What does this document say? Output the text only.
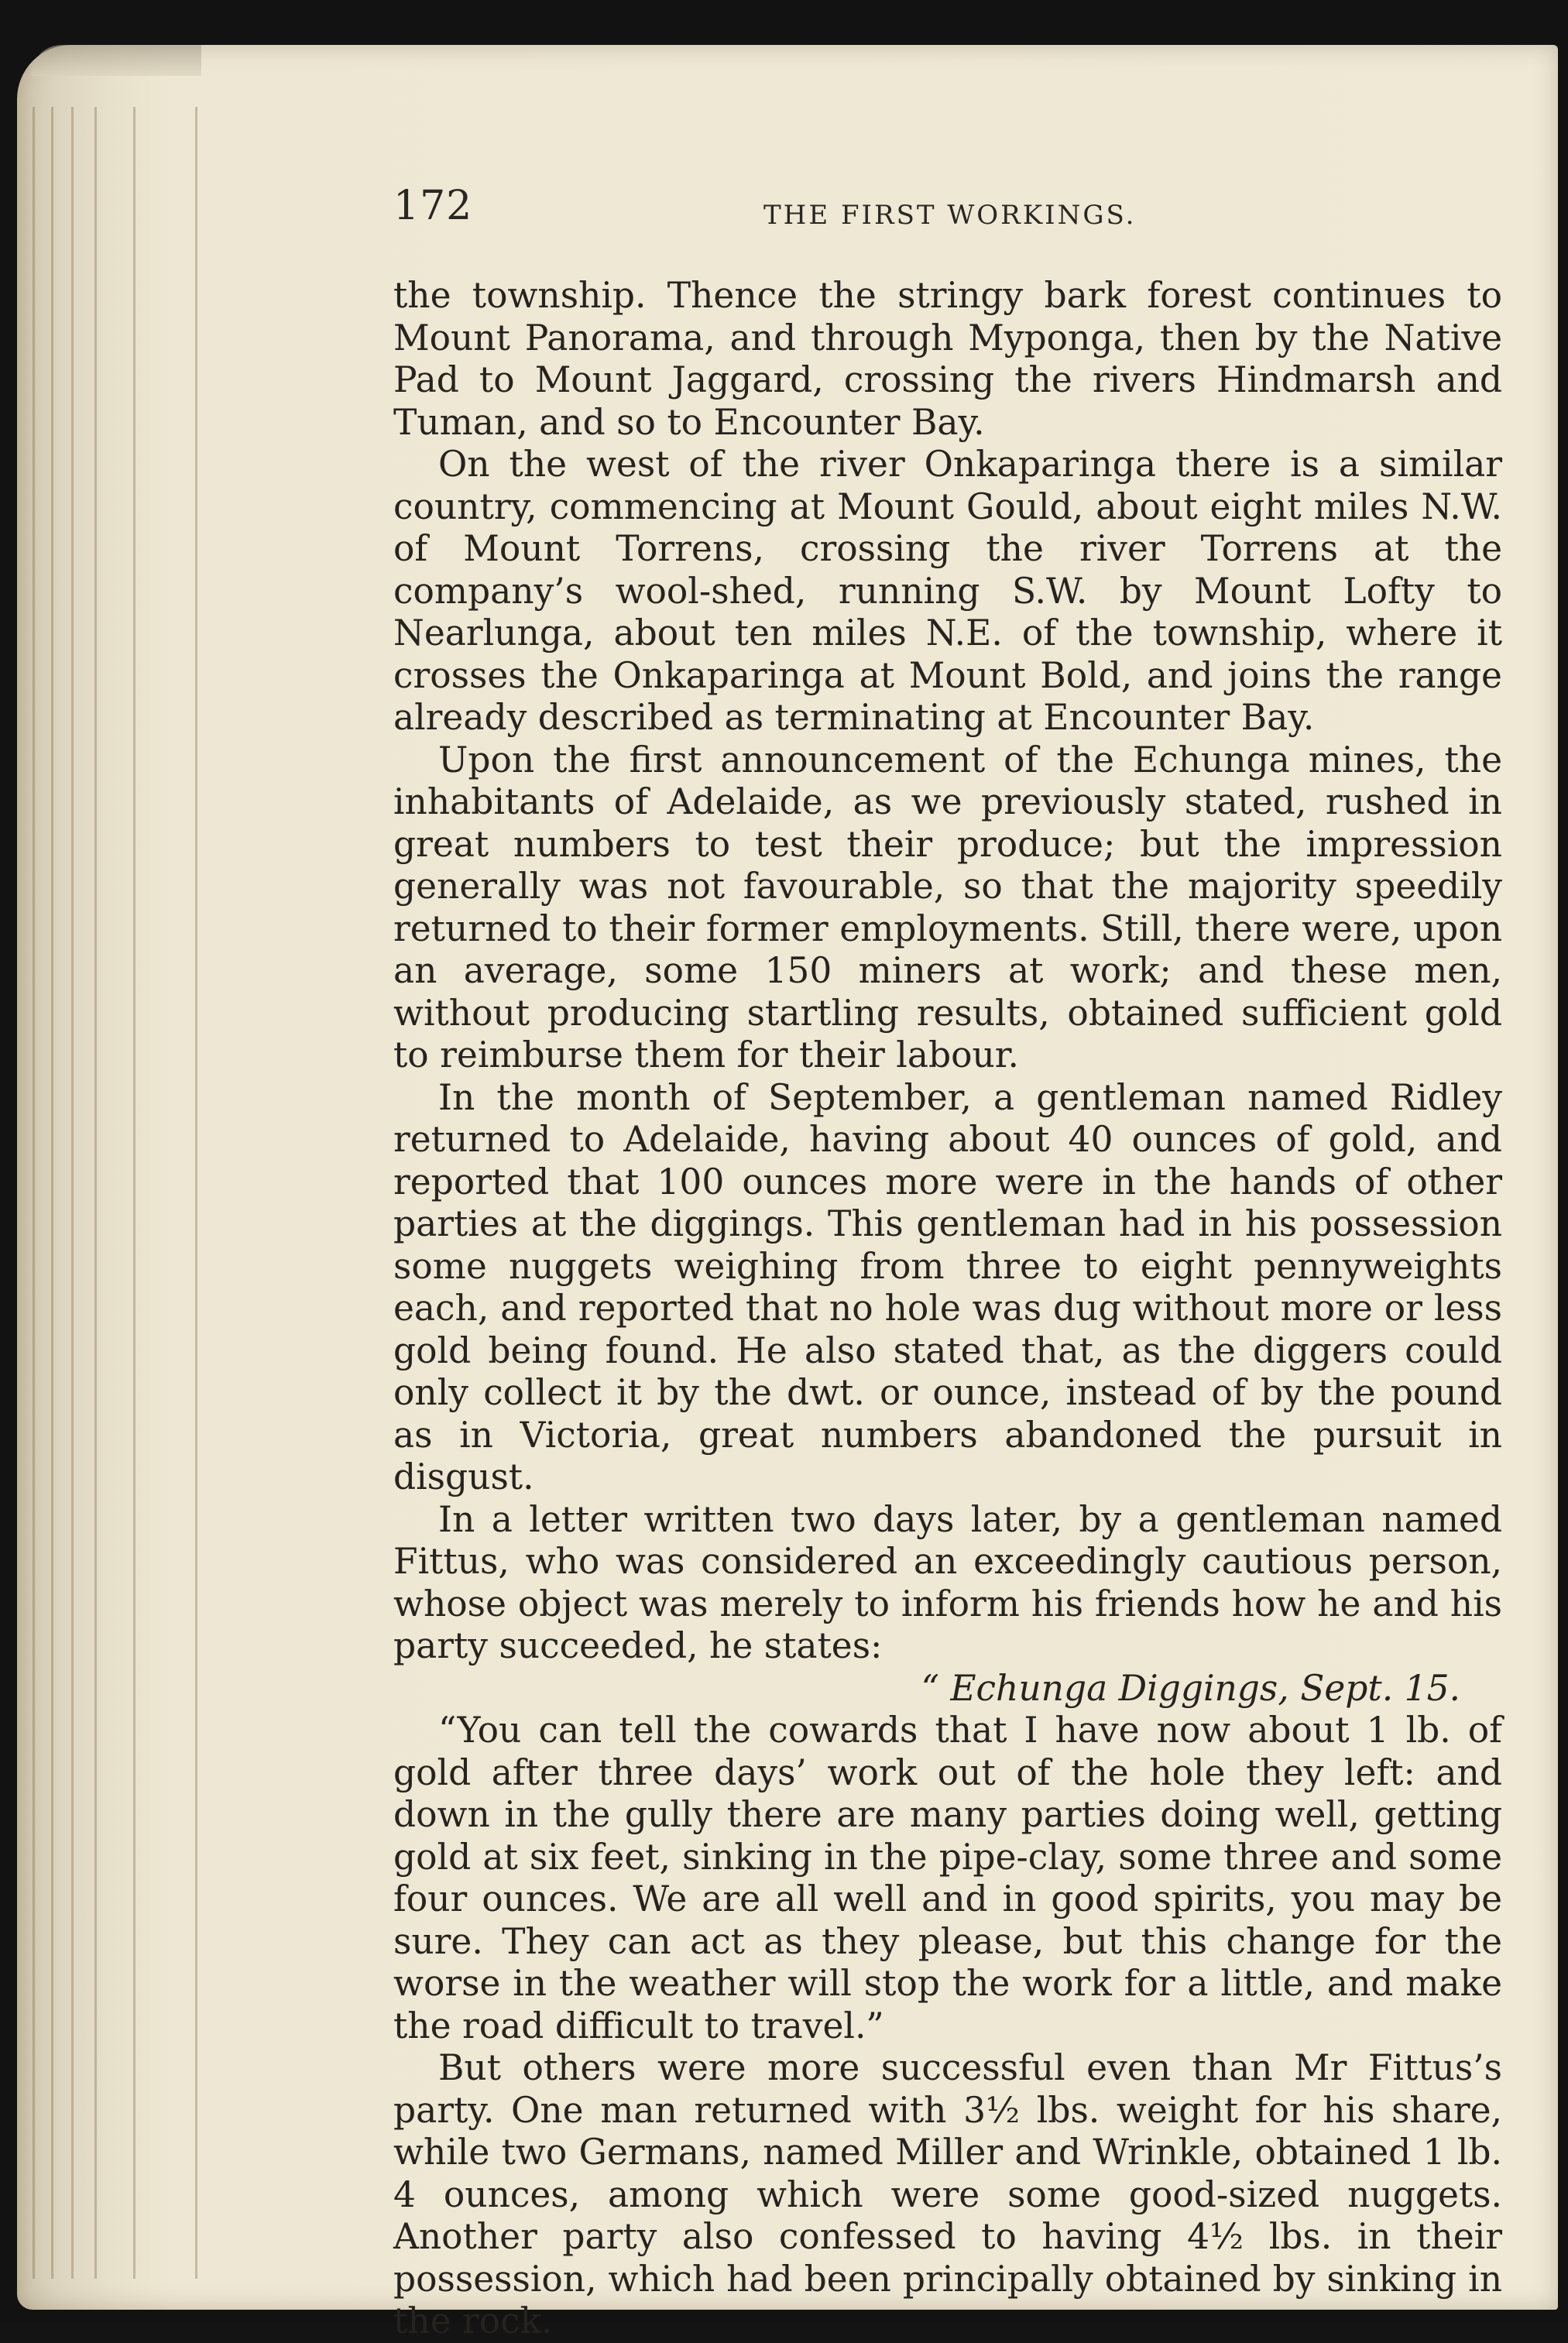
172	THE FIRST WORKINGS.

the township. Thence the stringy bark forest continues to Mount Panorama, and through Myponga, then by the Native Pad to Mount Jaggard, crossing the rivers Hindmarsh and Tuman, and so to Encounter Bay.

On the west of the river Onkaparinga there is a similar country, commencing at Mount Gould, about eight miles N.W. of Mount Torrens, crossing the river Torrens at the company’s wool-shed, running S.W. by Mount Lofty to Nearlunga, about ten miles N.E. of the township, where it crosses the Onkaparinga at Mount Bold, and joins the range already described as terminating at Encounter Bay.

Upon the first announcement of the Echunga mines, the inhabitants of Adelaide, as we previously stated, rushed in great numbers to test their produce; but the impression generally was not favourable, so that the majority speedily returned to their former employments. Still, there were, upon an average, some 150 miners at work; and these men, without producing startling results, obtained sufficient gold to reimburse them for their labour.

In the month of September, a gentleman named Ridley returned to Adelaide, having about 40 ounces of gold, and reported that 100 ounces more were in the hands of other parties at the diggings. This gentleman had in his possession some nuggets weighing from three to eight pennyweights each, and reported that no hole was dug without more or less gold being found. He also stated that, as the diggers could only collect it by the dwt. or ounce, instead of by the pound as in Victoria, great numbers abandoned the pursuit in disgust.

In a letter written two days later, by a gentleman named Fittus, who was considered an exceedingly cautious person, whose object was merely to inform his friends how he and his party succeeded, he states:

“ Echunga Diggings, Sept. 15.

“You can tell the cowards that I have now about 1 lb. of gold after three days’ work out of the hole they left: and down in the gully there are many parties doing well, getting gold at six feet, sinking in the pipe-clay, some three and some four ounces. We are all well and in good spirits, you may be sure. They can act as they please, but this change for the worse in the weather will stop the work for a little, and make the road difficult to travel.”

But others were more successful even than Mr Fittus’s party. One man returned with 3½ lbs. weight for his share, while two Germans, named Miller and Wrinkle, obtained 1 lb. 4 ounces, among which were some good-sized nuggets. Another party also confessed to having 4½ lbs. in their possession, which had been principally obtained by sinking in the rock.
